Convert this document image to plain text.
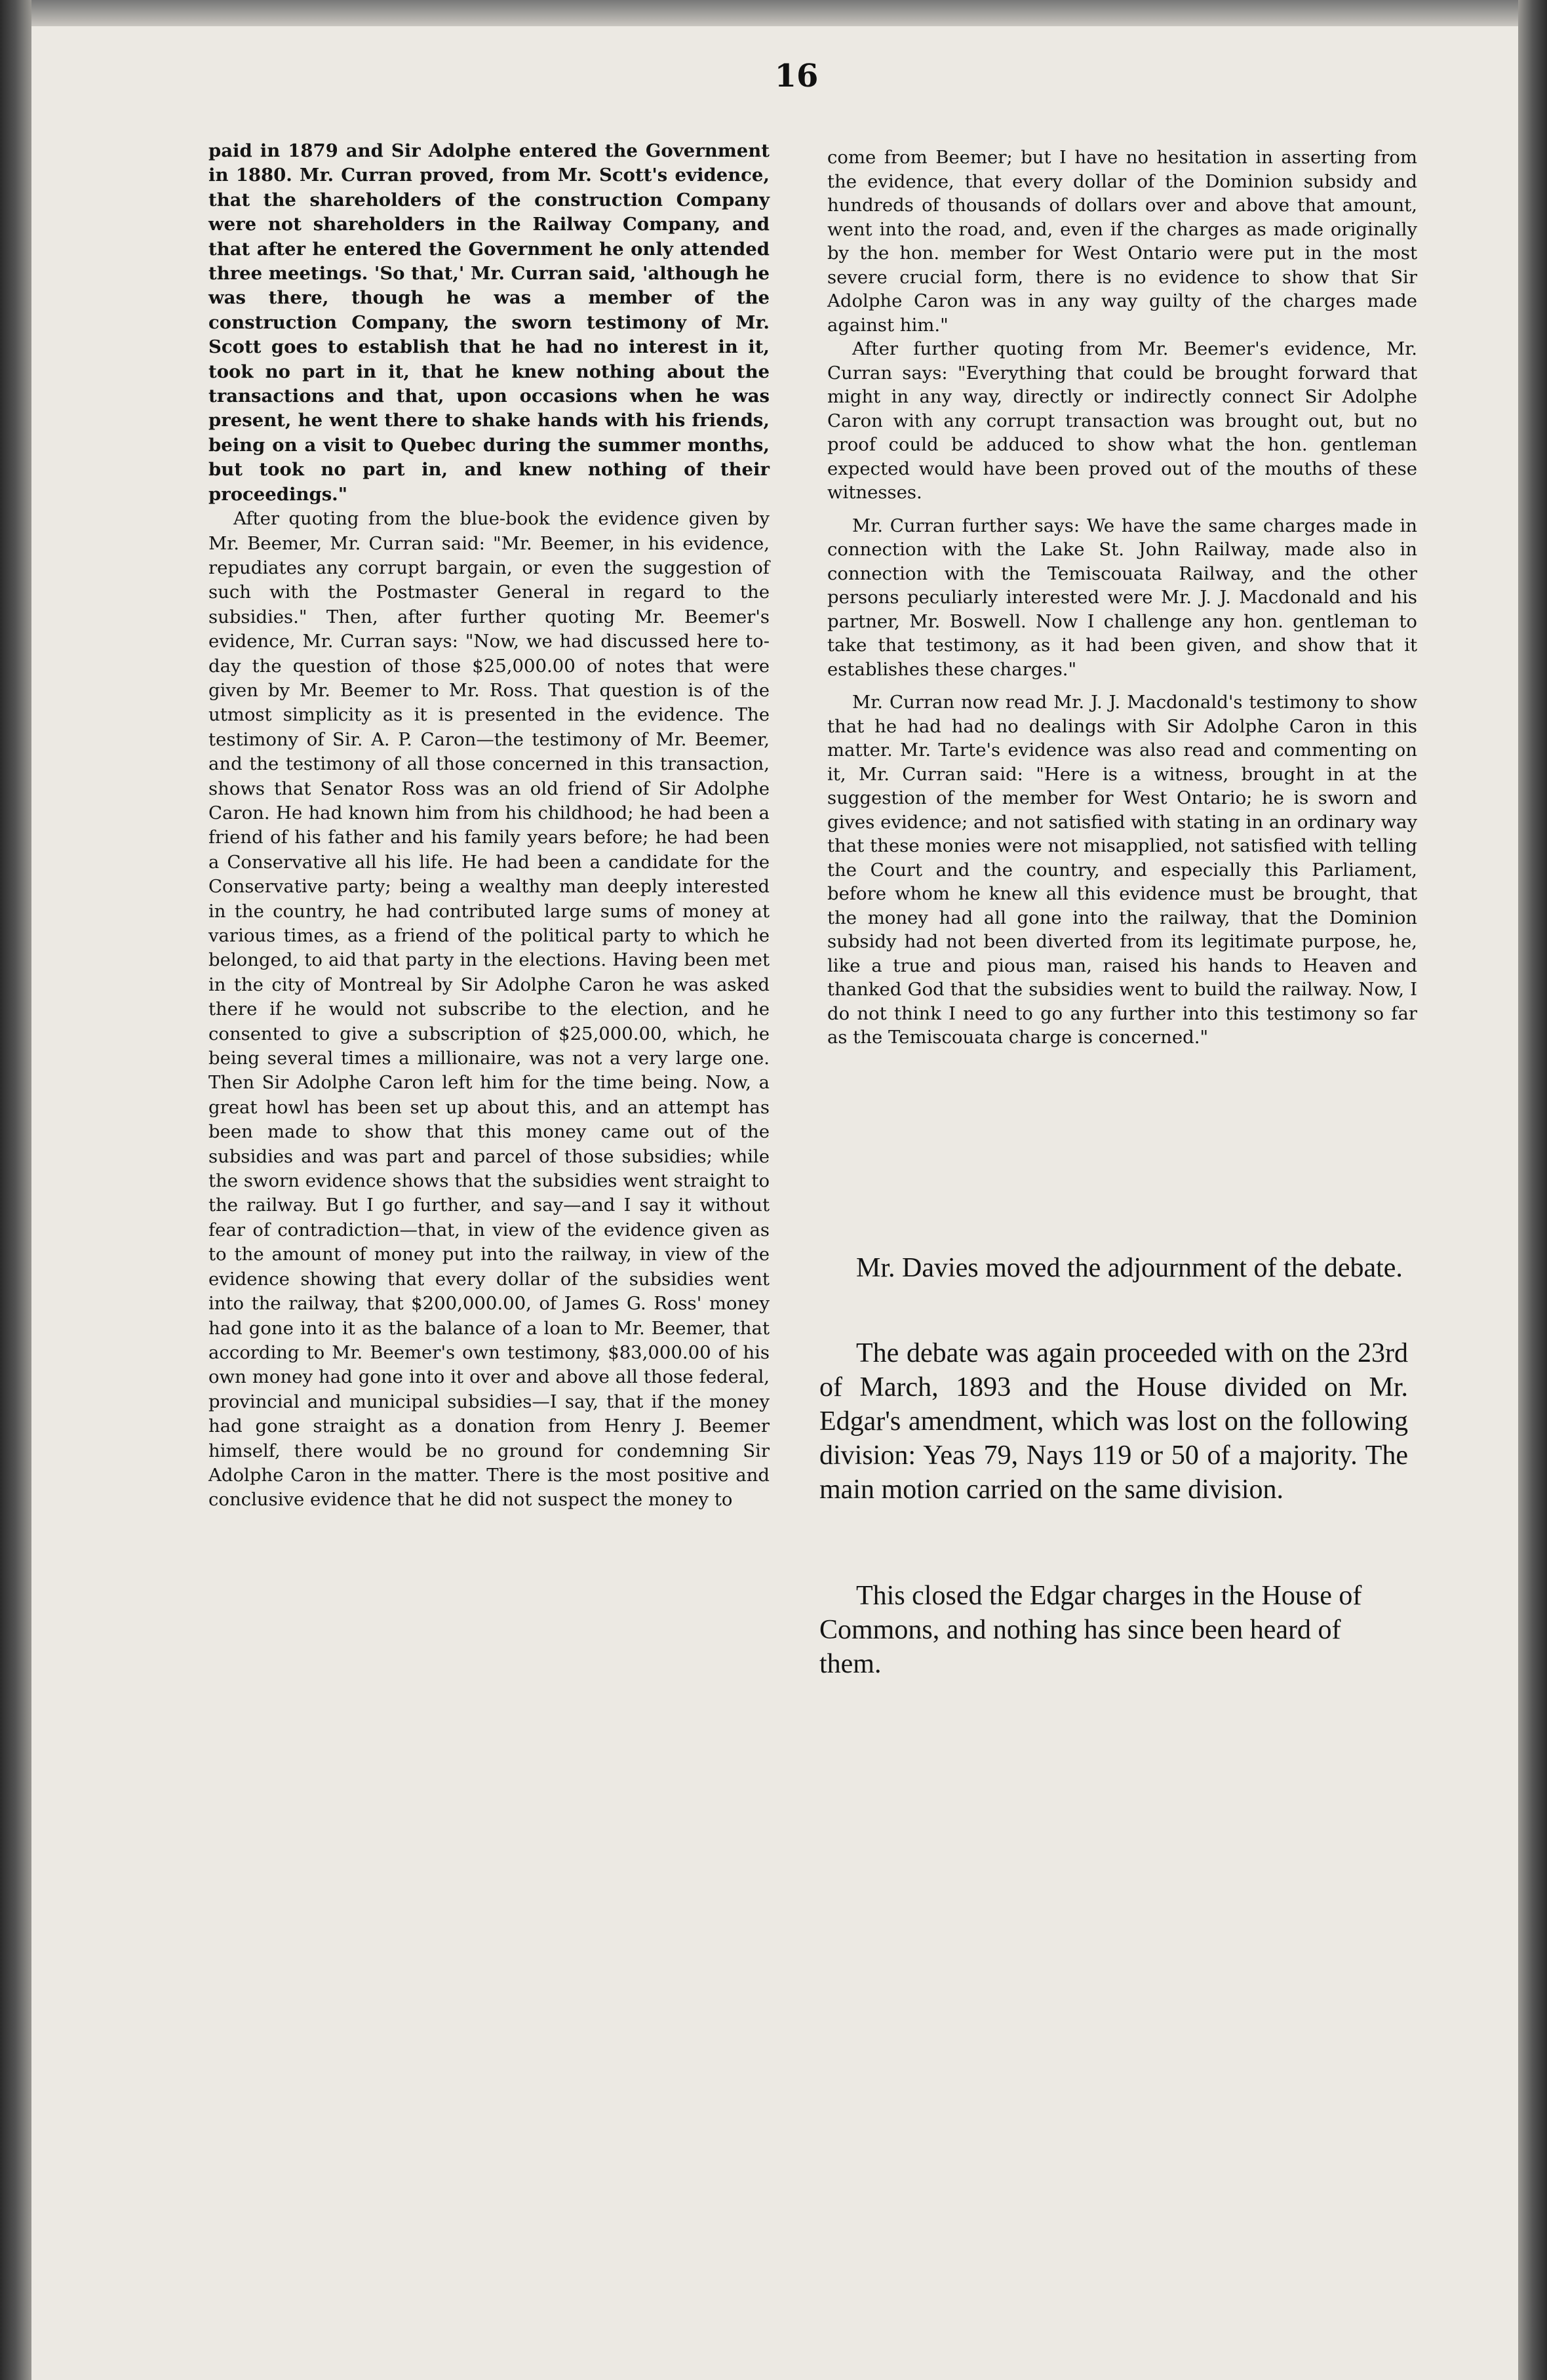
16

paid in 1879 and Sir Adolphe entered the Government in 1880. Mr. Curran proved, from Mr. Scott's evidence, that the shareholders of the construction Company were not shareholders in the Railway Company, and that after he entered the Government he only attended three meetings. 'So that,' Mr. Curran said, 'although he was there, though he was a member of the construction Company, the sworn testimony of Mr. Scott goes to establish that he had no interest in it, took no part in it, that he knew nothing about the transactions and that, upon occasions when he was present, he went there to shake hands with his friends, being on a visit to Quebec during the summer months, but took no part in, and knew nothing of their proceedings."

After quoting from the blue-book the evidence given by Mr. Beemer, Mr. Curran said: "Mr. Beemer, in his evidence, repudiates any corrupt bargain, or even the suggestion of such with the Postmaster General in regard to the subsidies." Then, after further quoting Mr. Beemer's evidence, Mr. Curran says: "Now, we had discussed here to-day the question of those $25,000.00 of notes that were given by Mr. Beemer to Mr. Ross. That question is of the utmost simplicity as it is presented in the evidence. The testimony of Sir. A. P. Caron—the testimony of Mr. Beemer, and the testimony of all those concerned in this transaction, shows that Senator Ross was an old friend of Sir Adolphe Caron. He had known him from his childhood; he had been a friend of his father and his family years before; he had been a Conservative all his life. He had been a candidate for the Conservative party; being a wealthy man deeply interested in the country, he had contributed large sums of money at various times, as a friend of the political party to which he belonged, to aid that party in the elections. Having been met in the city of Montreal by Sir Adolphe Caron he was asked there if he would not subscribe to the election, and he consented to give a subscription of $25,000.00, which, he being several times a millionaire, was not a very large one. Then Sir Adolphe Caron left him for the time being. Now, a great howl has been set up about this, and an attempt has been made to show that this money came out of the subsidies and was part and parcel of those subsidies; while the sworn evidence shows that the subsidies went straight to the railway. But I go further, and say—and I say it without fear of contradiction—that, in view of the evidence given as to the amount of money put into the railway, in view of the evidence showing that every dollar of the subsidies went into the railway, that $200,000.00, of James G. Ross' money had gone into it as the balance of a loan to Mr. Beemer, that according to Mr. Beemer's own testimony, $83,000.00 of his own money had gone into it over and above all those federal, provincial and municipal subsidies—I say, that if the money had gone straight as a donation from Henry J. Beemer himself, there would be no ground for condemning Sir Adolphe Caron in the matter. There is the most positive and conclusive evidence that he did not suspect the money to

come from Beemer; but I have no hesitation in asserting from the evidence, that every dollar of the Dominion subsidy and hundreds of thousands of dollars over and above that amount, went into the road, and, even if the charges as made originally by the hon. member for West Ontario were put in the most severe crucial form, there is no evidence to show that Sir Adolphe Caron was in any way guilty of the charges made against him."

After further quoting from Mr. Beemer's evidence, Mr. Curran says: "Everything that could be brought forward that might in any way, directly or indirectly connect Sir Adolphe Caron with any corrupt transaction was brought out, but no proof could be adduced to show what the hon. gentleman expected would have been proved out of the mouths of these witnesses.

Mr. Curran further says: We have the same charges made in connection with the Lake St. John Railway, made also in connection with the Temiscouata Railway, and the other persons peculiarly interested were Mr. J. J. Macdonald and his partner, Mr. Boswell. Now I challenge any hon. gentleman to take that testimony, as it had been given, and show that it establishes these charges."

Mr. Curran now read Mr. J. J. Macdonald's testimony to show that he had had no dealings with Sir Adolphe Caron in this matter. Mr. Tarte's evidence was also read and commenting on it, Mr. Curran said: "Here is a witness, brought in at the suggestion of the member for West Ontario; he is sworn and gives evidence; and not satisfied with stating in an ordinary way that these monies were not misapplied, not satisfied with telling the Court and the country, and especially this Parliament, before whom he knew all this evidence must be brought, that the money had all gone into the railway, that the Dominion subsidy had not been diverted from its legitimate purpose, he, like a true and pious man, raised his hands to Heaven and thanked God that the subsidies went to build the railway. Now, I do not think I need to go any further into this testimony so far as the Temiscouata charge is concerned."

Mr. Davies moved the adjournment of the debate.

The debate was again proceeded with on the 23rd of March, 1893 and the House divided on Mr. Edgar's amendment, which was lost on the following division: Yeas 79, Nays 119 or 50 of a majority. The main motion carried on the same division.

This closed the Edgar charges in the House of Commons, and nothing has since been heard of them.
